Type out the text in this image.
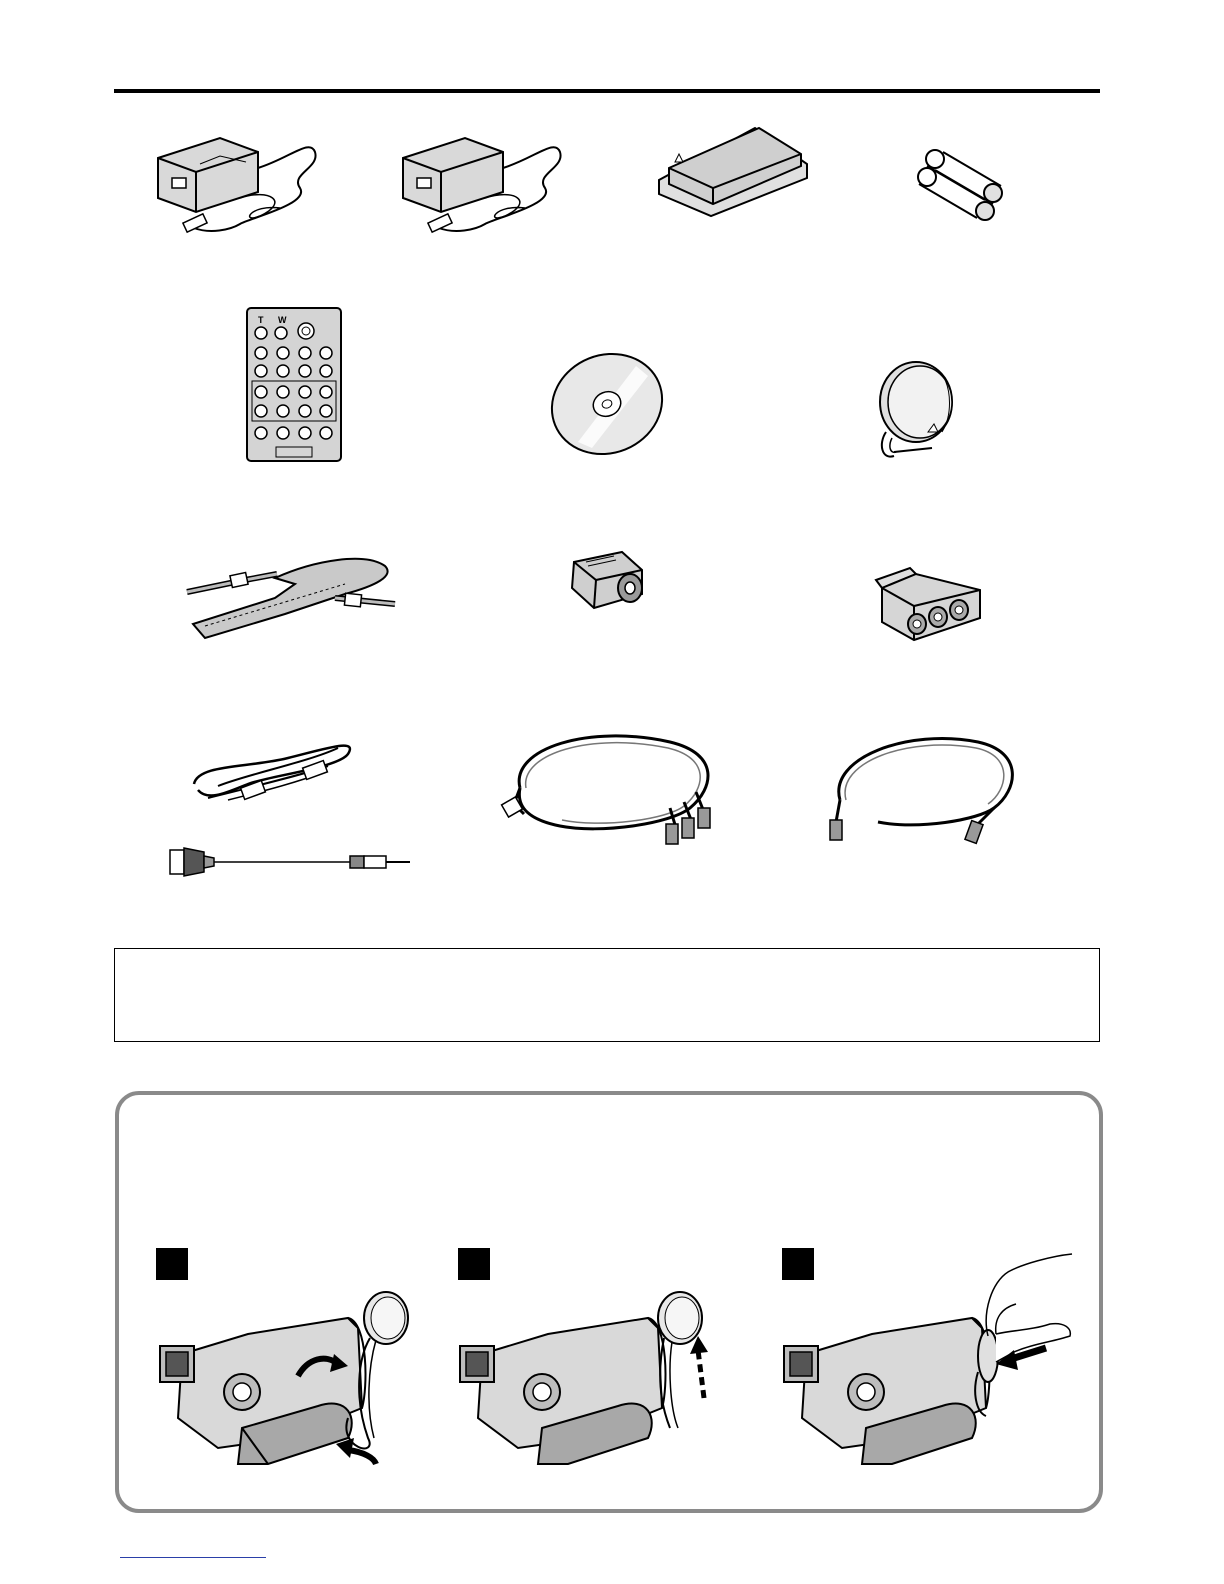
T W
